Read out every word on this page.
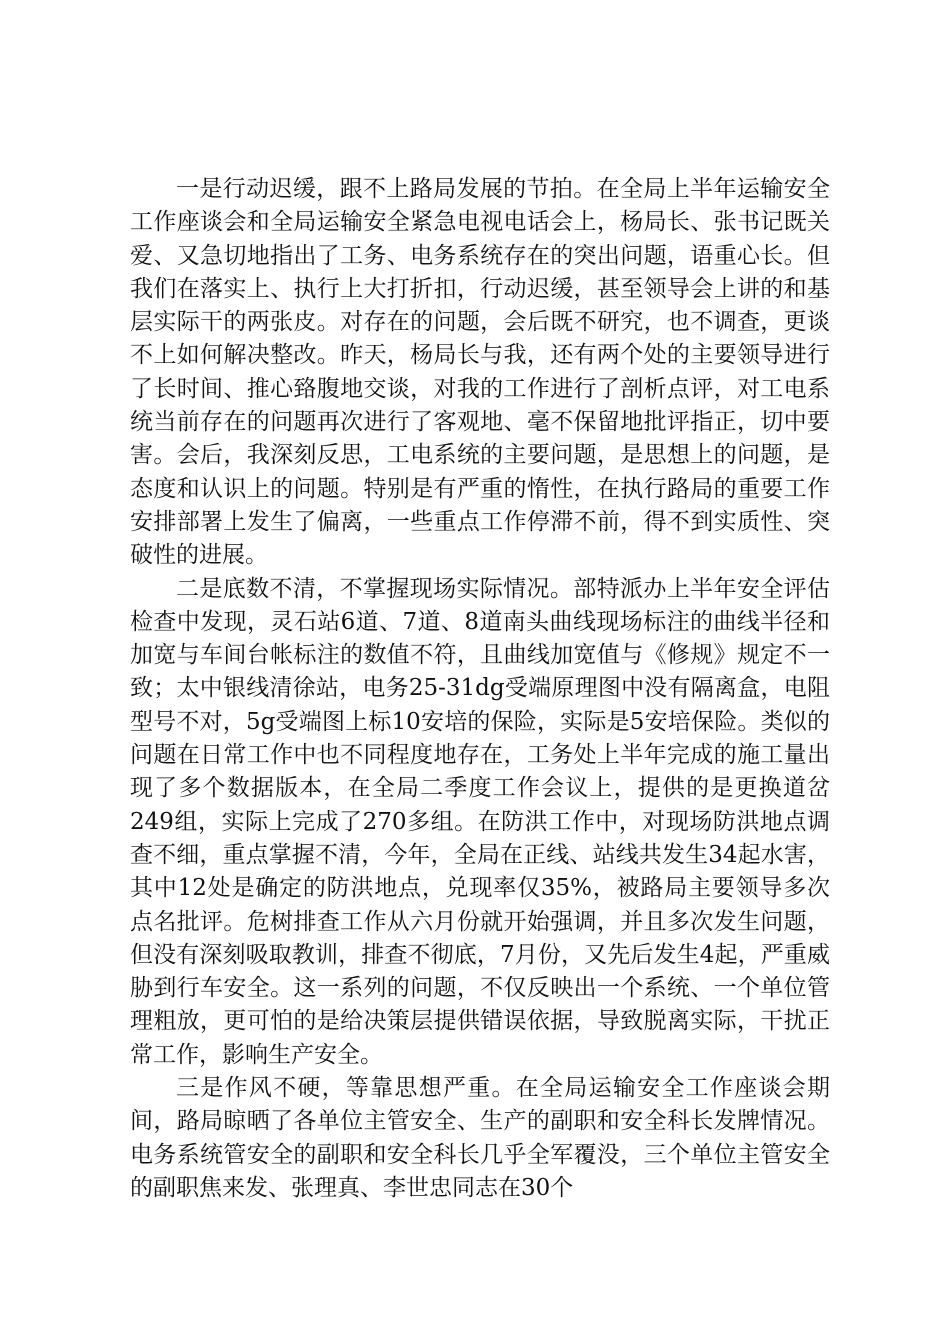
一是行动迟缓，跟不上路局发展的节拍。在全局上半年运输安全工作座谈会和全局运输安全紧急电视电话会上，杨局长、张书记既关爱、又急切地指出了工务、电务系统存在的突出问题，语重心长。但我们在落实上、执行上大打折扣，行动迟缓，甚至领导会上讲的和基层实际干的两张皮。对存在的问题，会后既不研究，也不调查，更谈不上如何解决整改。昨天，杨局长与我，还有两个处的主要领导进行了长时间、推心臵腹地交谈，对我的工作进行了剖析点评，对工电系统当前存在的问题再次进行了客观地、毫不保留地批评指正，切中要害。会后，我深刻反思，工电系统的主要问题，是思想上的问题，是态度和认识上的问题。特别是有严重的惰性，在执行路局的重要工作安排部署上发生了偏离，一些重点工作停滞不前，得不到实质性、突破性的进展。

二是底数不清，不掌握现场实际情况。部特派办上半年安全评估检查中发现，灵石站6道、7道、8道南头曲线现场标注的曲线半径和加宽与车间台帐标注的数值不符，且曲线加宽值与《修规》规定不一致；太中银线清徐站，电务25-31dg受端原理图中没有隔离盒，电阻型号不对，5g受端图上标10安培的保险，实际是5安培保险。类似的问题在日常工作中也不同程度地存在，工务处上半年完成的施工量出现了多个数据版本，在全局二季度工作会议上，提供的是更换道岔249组，实际上完成了270多组。在防洪工作中，对现场防洪地点调查不细，重点掌握不清，今年，全局在正线、站线共发生34起水害，其中12处是确定的防洪地点，兑现率仅35%，被路局主要领导多次点名批评。危树排查工作从六月份就开始强调，并且多次发生问题，但没有深刻吸取教训，排查不彻底，7月份，又先后发生4起，严重威胁到行车安全。这一系列的问题，不仅反映出一个系统、一个单位管理粗放，更可怕的是给决策层提供错误依据，导致脱离实际，干扰正常工作，影响生产安全。

三是作风不硬，等靠思想严重。在全局运输安全工作座谈会期间，路局晾晒了各单位主管安全、生产的副职和安全科长发牌情况。电务系统管安全的副职和安全科长几乎全军覆没，三个单位主管安全的副职焦来发、张理真、李世忠同志在30个
